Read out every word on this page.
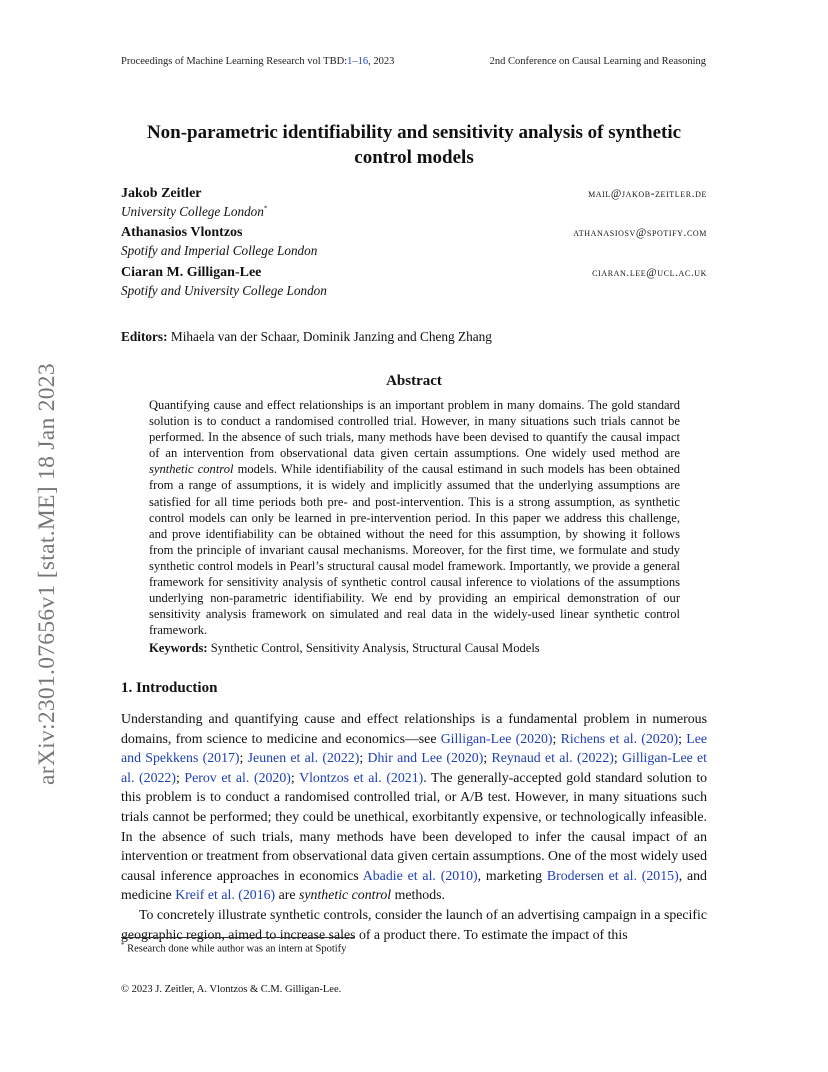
Proceedings of Machine Learning Research vol TBD:1–16, 2023	2nd Conference on Causal Learning and Reasoning
Non-parametric identifiability and sensitivity analysis of synthetic
control models
Jakob Zeitler
University College London*
mail@jakob-zeitler.de
Athanasios Vlontzos
Spotify and Imperial College London
athanasiosv@spotify.com
Ciaran M. Gilligan-Lee
Spotify and University College London
ciaran.lee@ucl.ac.uk
Editors: Mihaela van der Schaar, Dominik Janzing and Cheng Zhang
Abstract
Quantifying cause and effect relationships is an important problem in many domains. The gold standard solution is to conduct a randomised controlled trial. However, in many situations such trials cannot be performed. In the absence of such trials, many methods have been devised to quantify the causal impact of an intervention from observational data given certain assumptions. One widely used method are synthetic control models. While identifiability of the causal estimand in such models has been obtained from a range of assumptions, it is widely and implicitly assumed that the underlying assumptions are satisfied for all time periods both pre- and post-intervention. This is a strong assumption, as synthetic control models can only be learned in pre-intervention period. In this paper we address this challenge, and prove identifiability can be obtained without the need for this assumption, by showing it follows from the principle of invariant causal mechanisms. Moreover, for the first time, we formulate and study synthetic control models in Pearl’s structural causal model framework. Importantly, we provide a general framework for sensitivity analysis of synthetic control causal inference to violations of the assumptions underlying non-parametric identifiability. We end by providing an empirical demonstration of our sensitivity analysis framework on simulated and real data in the widely-used linear synthetic control framework.
Keywords: Synthetic Control, Sensitivity Analysis, Structural Causal Models
1. Introduction

Understanding and quantifying cause and effect relationships is a fundamental problem in numerous domains, from science to medicine and economics—see Gilligan-Lee (2020); Richens et al. (2020); Lee and Spekkens (2017); Jeunen et al. (2022); Dhir and Lee (2020); Reynaud et al. (2022); Gilligan-Lee et al. (2022); Perov et al. (2020); Vlontzos et al. (2021). The generally-accepted gold standard solution to this problem is to conduct a randomised controlled trial, or A/B test. However, in many situations such trials cannot be performed; they could be unethical, exorbitantly expensive, or technologically infeasible. In the absence of such trials, many methods have been developed to infer the causal impact of an intervention or treatment from observational data given certain assumptions. One of the most widely used causal inference approaches in economics Abadie et al. (2010), marketing Brodersen et al. (2015), and medicine Kreif et al. (2016) are synthetic control methods.

To concretely illustrate synthetic controls, consider the launch of an advertising campaign in a specific geographic region, aimed to increase sales of a product there. To estimate the impact of this

* Research done while author was an intern at Spotify
© 2023 J. Zeitler, A. Vlontzos & C.M. Gilligan-Lee.
arXiv:2301.07656v1 [stat.ME] 18 Jan 2023
